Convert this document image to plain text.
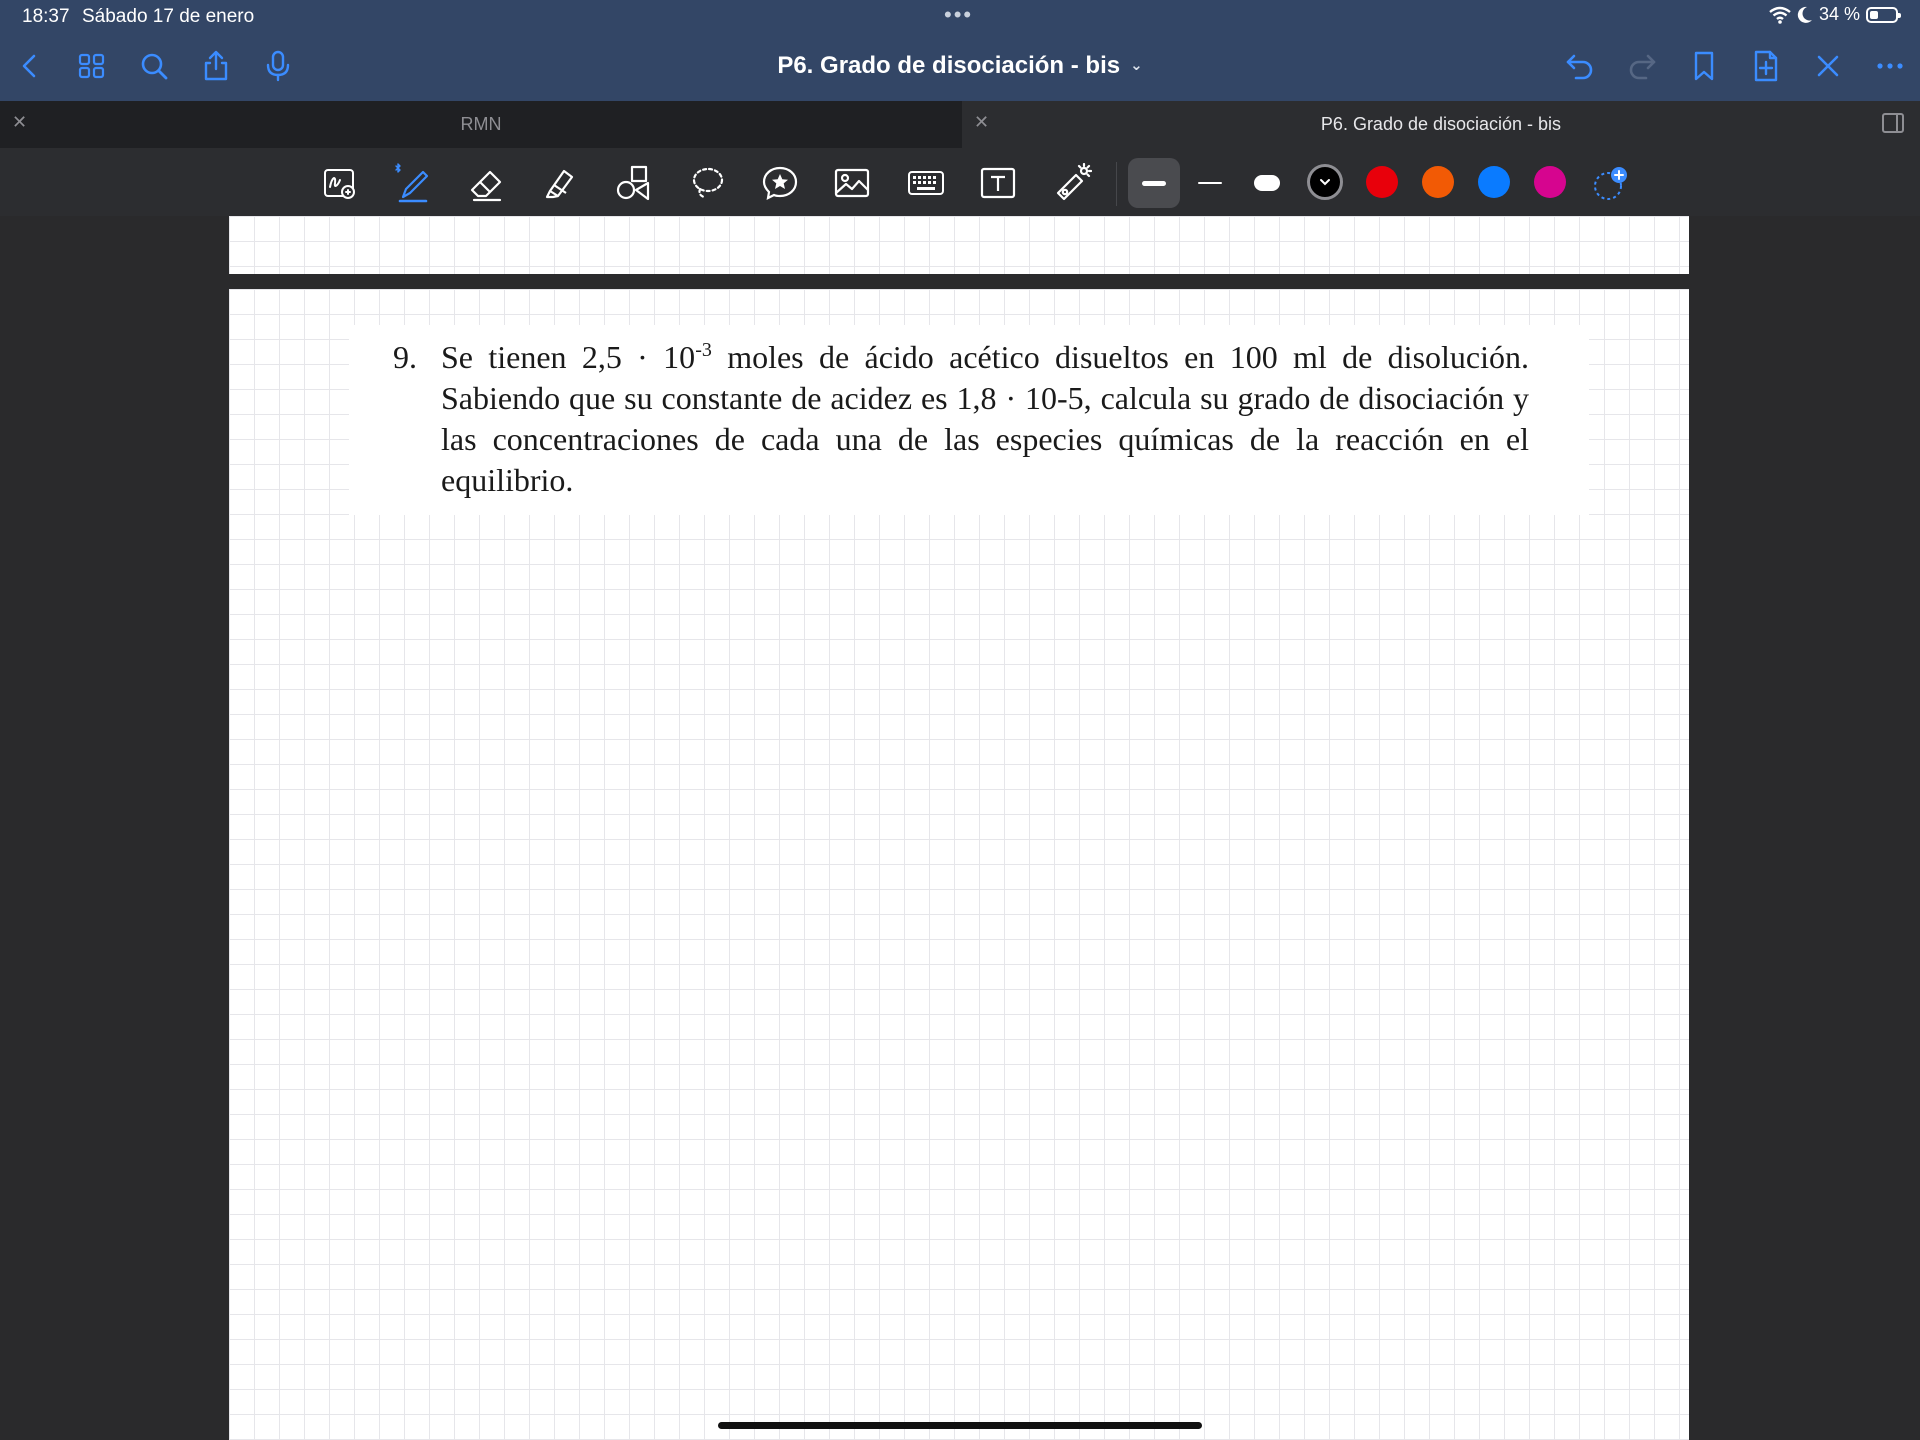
18:37 Sábado 17 de enero	•••	34 %
P6. Grado de disociación - bis ⌄
✕	RMN	✕	P6. Grado de disociación - bis
9. Se tienen $2,5 \cdot 10^{-3}$ moles de ácido acético disueltos en 100 ml de disolución. Sabiendo que su constante de acidez es 1,8 · 10-5, calcula su grado de disociación y las concentraciones de cada una de las especies químicas de la reacción en el equilibrio.
